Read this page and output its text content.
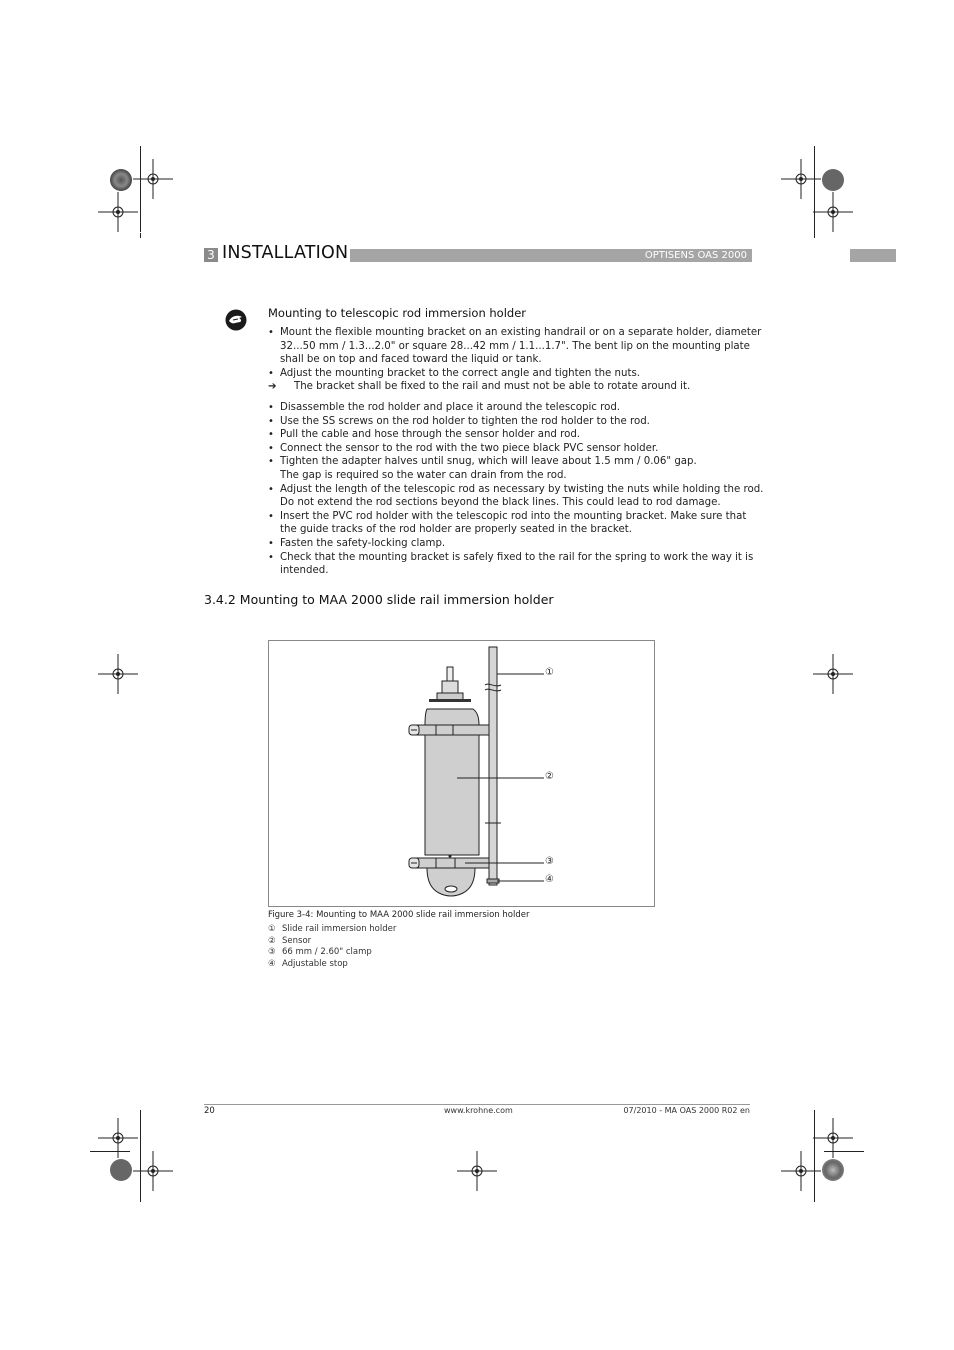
3 INSTALLATION	OPTISENS OAS 2000
Mounting to telescopic rod immersion holder
• Mount the flexible mounting bracket on an existing handrail or on a separate holder, diameter
32...50 mm / 1.3...2.0" or square 28...42 mm / 1.1...1.7". The bent lip on the mounting plate
shall be on top and faced toward the liquid or tank.
• Adjust the mounting bracket to the correct angle and tighten the nuts.
➔ The bracket shall be fixed to the rail and must not be able to rotate around it.
• Disassemble the rod holder and place it around the telescopic rod.
• Use the SS screws on the rod holder to tighten the rod holder to the rod.
• Pull the cable and hose through the sensor holder and rod.
• Connect the sensor to the rod with the two piece black PVC sensor holder.
• Tighten the adapter halves until snug, which will leave about 1.5 mm / 0.06" gap.
The gap is required so the water can drain from the rod.
• Adjust the length of the telescopic rod as necessary by twisting the nuts while holding the rod.
Do not extend the rod sections beyond the black lines. This could lead to rod damage.
• Insert the PVC rod holder with the telescopic rod into the mounting bracket. Make sure that
the guide tracks of the rod holder are properly seated in the bracket.
• Fasten the safety-locking clamp.
• Check that the mounting bracket is safely fixed to the rail for the spring to work the way it is
intended.
3.4.2 Mounting to MAA 2000 slide rail immersion holder
①
②
③
④
Figure 3-4: Mounting to MAA 2000 slide rail immersion holder
① Slide rail immersion holder
② Sensor
③ 66 mm / 2.60" clamp
④ Adjustable stop
20	www.krohne.com	07/2010 - MA OAS 2000 R02 en
